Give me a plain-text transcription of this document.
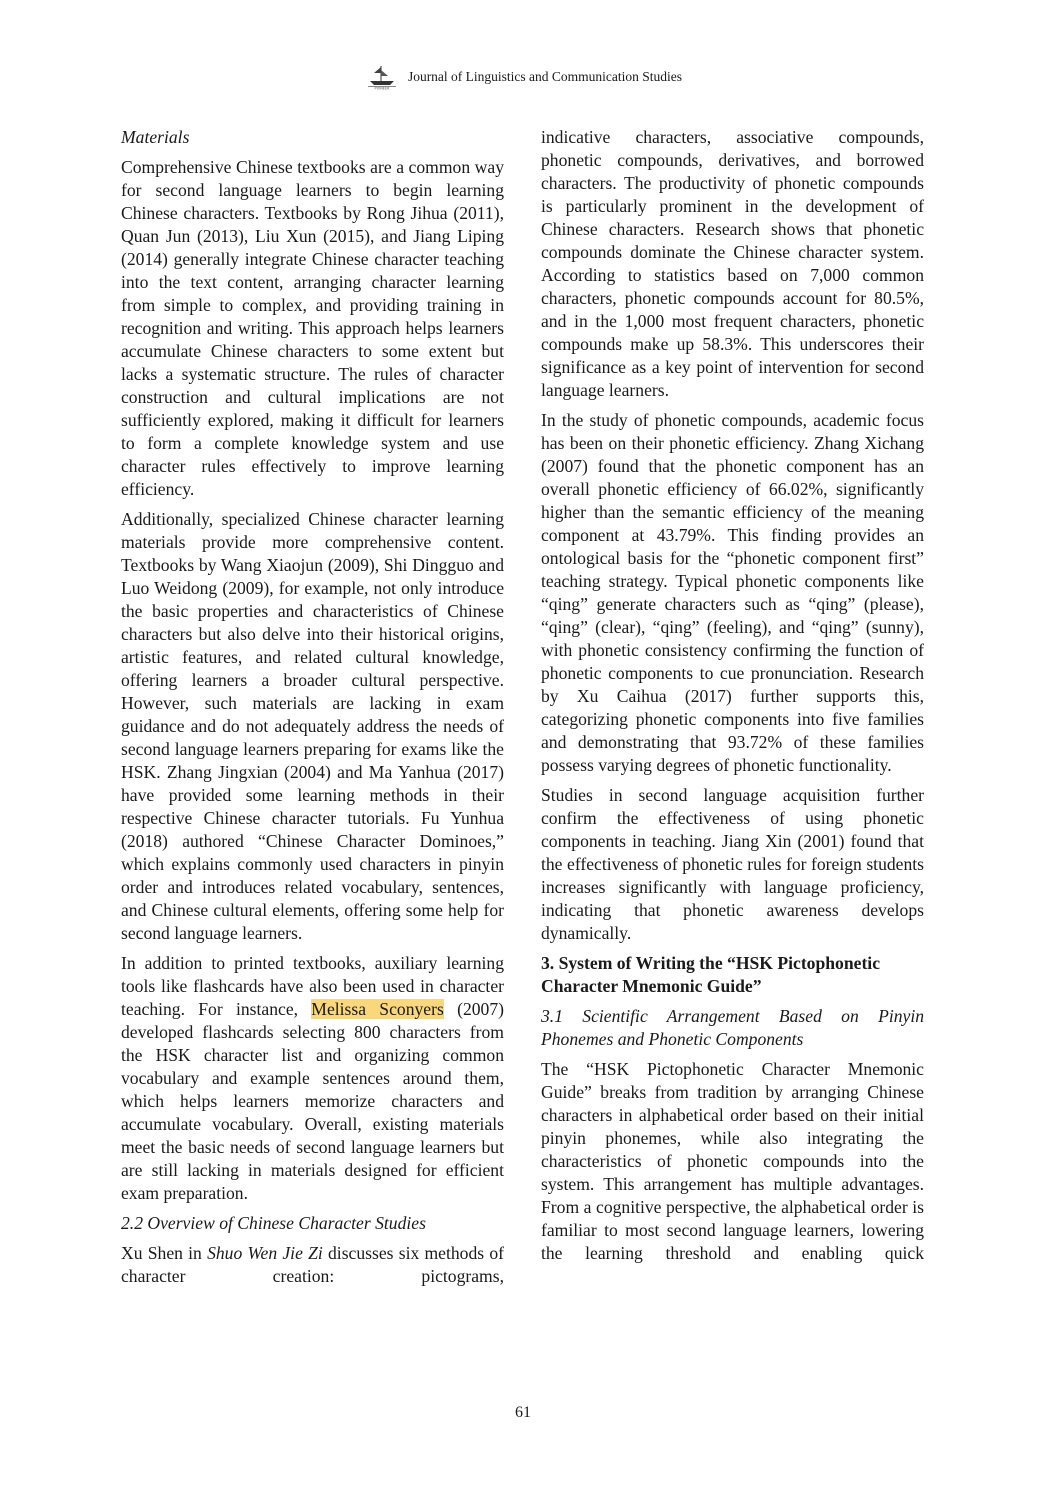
PIONEER
Journal of Linguistics and Communication Studies

Materials

Comprehensive Chinese textbooks are a common way for second language learners to begin learning Chinese characters. Textbooks by Rong Jihua (2011), Quan Jun (2013), Liu Xun (2015), and Jiang Liping (2014) generally integrate Chinese character teaching into the text content, arranging character learning from simple to complex, and providing training in recognition and writing. This approach helps learners accumulate Chinese characters to some extent but lacks a systematic structure. The rules of character construction and cultural implications are not sufficiently explored, making it difficult for learners to form a complete knowledge system and use character rules effectively to improve learning efficiency.

Additionally, specialized Chinese character learning materials provide more comprehensive content. Textbooks by Wang Xiaojun (2009), Shi Dingguo and Luo Weidong (2009), for example, not only introduce the basic properties and characteristics of Chinese characters but also delve into their historical origins, artistic features, and related cultural knowledge, offering learners a broader cultural perspective. However, such materials are lacking in exam guidance and do not adequately address the needs of second language learners preparing for exams like the HSK. Zhang Jingxian (2004) and Ma Yanhua (2017) have provided some learning methods in their respective Chinese character tutorials. Fu Yunhua (2018) authored “Chinese Character Dominoes,” which explains commonly used characters in pinyin order and introduces related vocabulary, sentences, and Chinese cultural elements, offering some help for second language learners.

In addition to printed textbooks, auxiliary learning tools like flashcards have also been used in character teaching. For instance, Melissa Sconyers (2007) developed flashcards selecting 800 characters from the HSK character list and organizing common vocabulary and example sentences around them, which helps learners memorize characters and accumulate vocabulary. Overall, existing materials meet the basic needs of second language learners but are still lacking in materials designed for efficient exam preparation.

2.2 Overview of Chinese Character Studies

Xu Shen in Shuo Wen Jie Zi discusses six methods of character creation: pictograms,

indicative characters, associative compounds, phonetic compounds, derivatives, and borrowed characters. The productivity of phonetic compounds is particularly prominent in the development of Chinese characters. Research shows that phonetic compounds dominate the Chinese character system. According to statistics based on 7,000 common characters, phonetic compounds account for 80.5%, and in the 1,000 most frequent characters, phonetic compounds make up 58.3%. This underscores their significance as a key point of intervention for second language learners.

In the study of phonetic compounds, academic focus has been on their phonetic efficiency. Zhang Xichang (2007) found that the phonetic component has an overall phonetic efficiency of 66.02%, significantly higher than the semantic efficiency of the meaning component at 43.79%. This finding provides an ontological basis for the “phonetic component first” teaching strategy. Typical phonetic components like “qing” generate characters such as “qing” (please), “qing” (clear), “qing” (feeling), and “qing” (sunny), with phonetic consistency confirming the function of phonetic components to cue pronunciation. Research by Xu Caihua (2017) further supports this, categorizing phonetic components into five families and demonstrating that 93.72% of these families possess varying degrees of phonetic functionality.

Studies in second language acquisition further confirm the effectiveness of using phonetic components in teaching. Jiang Xin (2001) found that the effectiveness of phonetic rules for foreign students increases significantly with language proficiency, indicating that phonetic awareness develops dynamically.

3. System of Writing the “HSK Pictophonetic Character Mnemonic Guide”

3.1 Scientific Arrangement Based on Pinyin Phonemes and Phonetic Components

The “HSK Pictophonetic Character Mnemonic Guide” breaks from tradition by arranging Chinese characters in alphabetical order based on their initial pinyin phonemes, while also integrating the characteristics of phonetic compounds into the system. This arrangement has multiple advantages. From a cognitive perspective, the alphabetical order is familiar to most second language learners, lowering the learning threshold and enabling quick

61
